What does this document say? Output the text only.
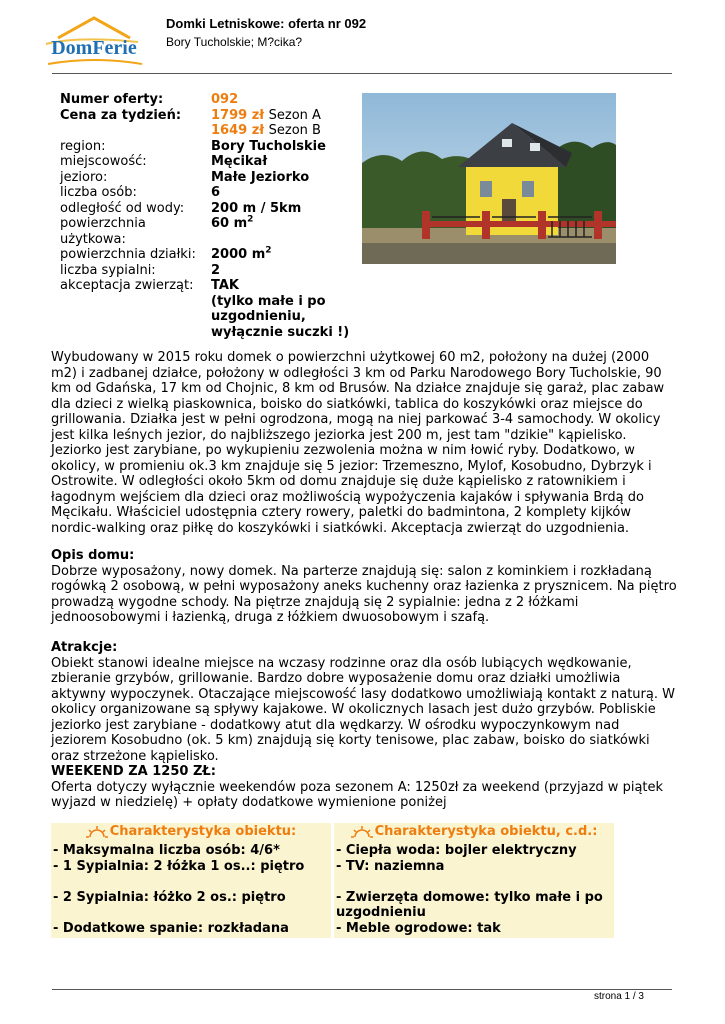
DomFerie
Domki Letniskowe: oferta nr 092
Bory Tucholskie; M?cika?
Numer oferty:	092
Cena za tydzień:	1799 zł Sezon A
1649 zł Sezon B
region:	Bory Tucholskie
miejscowość:	Męcikał
jezioro:	Małe Jeziorko
liczba osób:	6
odległość od wody:	200 m / 5km
powierzchnia użytkowa:
60 $m^2$
powierzchnia działki:	2000 $m^2$
liczba sypialni:	2
akceptacja zwierząt:	TAK
(tylko małe i po uzgodnieniu, wyłącznie suczki !)

Wybudowany w 2015 roku domek o powierzchni użytkowej 60 m2, położony na dużej (2000 m2) i zadbanej działce, położony w odległości 3 km od Parku Narodowego Bory Tucholskie, 90 km od Gdańska, 17 km od Chojnic, 8 km od Brusów. Na działce znajduje się garaż, plac zabaw dla dzieci z wielką piaskownica, boisko do siatkówki, tablica do koszykówki oraz miejsce do grillowania. Działka jest w pełni ogrodzona, mogą na niej parkować 3-4 samochody. W okolicy jest kilka leśnych jezior, do najbliższego jeziorka jest 200 m, jest tam "dzikie" kąpielisko. Jeziorko jest zarybiane, po wykupieniu zezwolenia można w nim łowić ryby. Dodatkowo, w okolicy, w promieniu ok.3 km znajduje się 5 jezior: Trzemeszno, Mylof, Kosobudno, Dybrzyk i Ostrowite. W odległości około 5km od domu znajduje się duże kąpielisko z ratownikiem i łagodnym wejściem dla dzieci oraz możliwością wypożyczenia kajaków i spływania Brdą do Męcikału. Właściciel udostępnia cztery rowery, paletki do badmintona, 2 komplety kijków nordic-walking oraz piłkę do koszykówki i siatkówki. Akceptacja zwierząt do uzgodnienia.

Opis domu:

Dobrze wyposażony, nowy domek. Na parterze znajdują się: salon z kominkiem i rozkładaną rogówką 2 osobową, w pełni wyposażony aneks kuchenny oraz łazienka z prysznicem. Na piętro prowadzą wygodne schody. Na piętrze znajdują się 2 sypialnie: jedna z 2 łóżkami jednoosobowymi i łazienką, druga z łóżkiem dwuosobowym i szafą.

Atrakcje:

Obiekt stanowi idealne miejsce na wczasy rodzinne oraz dla osób lubiących wędkowanie, zbieranie grzybów, grillowanie. Bardzo dobre wyposażenie domu oraz działki umożliwia aktywny wypoczynek. Otaczające miejscowość lasy dodatkowo umożliwiają kontakt z naturą. W okolicy organizowane są spływy kajakowe. W okolicznych lasach jest dużo grzybów. Pobliskie jeziorko jest zarybiane - dodatkowy atut dla wędkarzy. W ośrodku wypoczynkowym nad jeziorem Kosobudno (ok. 5 km) znajdują się korty tenisowe, plac zabaw, boisko do siatkówki oraz strzeżone kąpielisko.

WEEKEND ZA 1250 ZŁ:

Oferta dotyczy wyłącznie weekendów poza sezonem A: 1250zł za weekend (przyjazd w piątek wyjazd w niedzielę) + opłaty dodatkowe wymienione poniżej

Charakterystyka obiektu:
- Maksymalna liczba osób: 4/6*
- 1 Sypialnia: 2 łóżka 1 os..: piętro
- 2 Sypialnia: łóżko 2 os.: piętro
- Dodatkowe spanie: rozkładana
Charakterystyka obiektu, c.d.:
- Ciepła woda: bojler elektryczny
- TV: naziemna
- Zwierzęta domowe: tylko małe i po uzgodnieniu
- Meble ogrodowe: tak
strona 1 / 3
